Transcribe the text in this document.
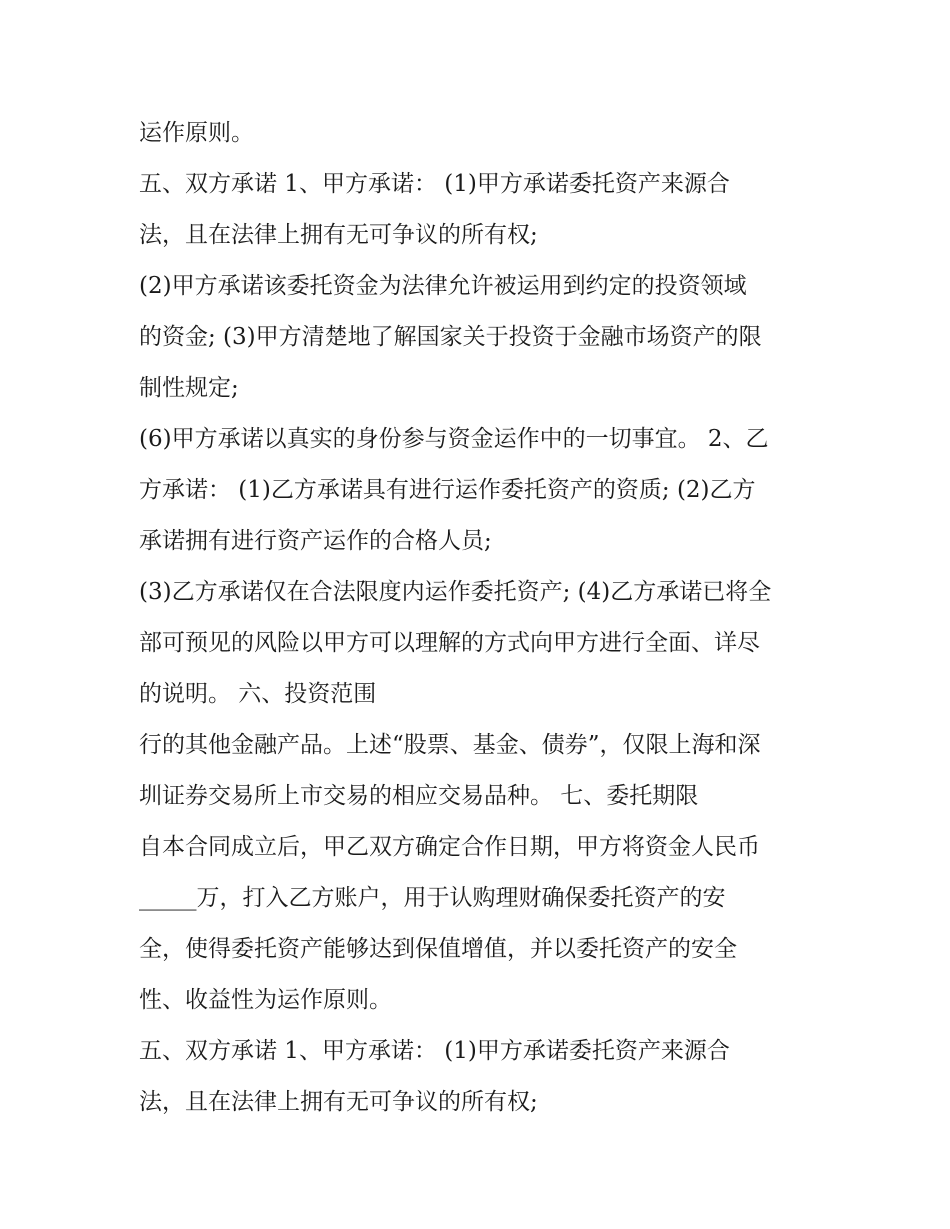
运作原则。
五、双方承诺 1、甲方承诺： (1)甲方承诺委托资产来源合
法，且在法律上拥有无可争议的所有权;
(2)甲方承诺该委托资金为法律允许被运用到约定的投资领域
的资金; (3)甲方清楚地了解国家关于投资于金融市场资产的限
制性规定;
(6)甲方承诺以真实的身份参与资金运作中的一切事宜。 2、乙
方承诺： (1)乙方承诺具有进行运作委托资产的资质; (2)乙方
承诺拥有进行资产运作的合格人员;
(3)乙方承诺仅在合法限度内运作委托资产; (4)乙方承诺已将全
部可预见的风险以甲方可以理解的方式向甲方进行全面、详尽
的说明。 六、投资范围
行的其他金融产品。上述“股票、基金、债券”，仅限上海和深
圳证券交易所上市交易的相应交易品种。 七、委托期限
自本合同成立后，甲乙双方确定合作日期，甲方将资金人民币
_____万，打入乙方账户，用于认购理财确保委托资产的安
全，使得委托资产能够达到保值增值，并以委托资产的安全
性、收益性为运作原则。
五、双方承诺 1、甲方承诺： (1)甲方承诺委托资产来源合
法，且在法律上拥有无可争议的所有权;
